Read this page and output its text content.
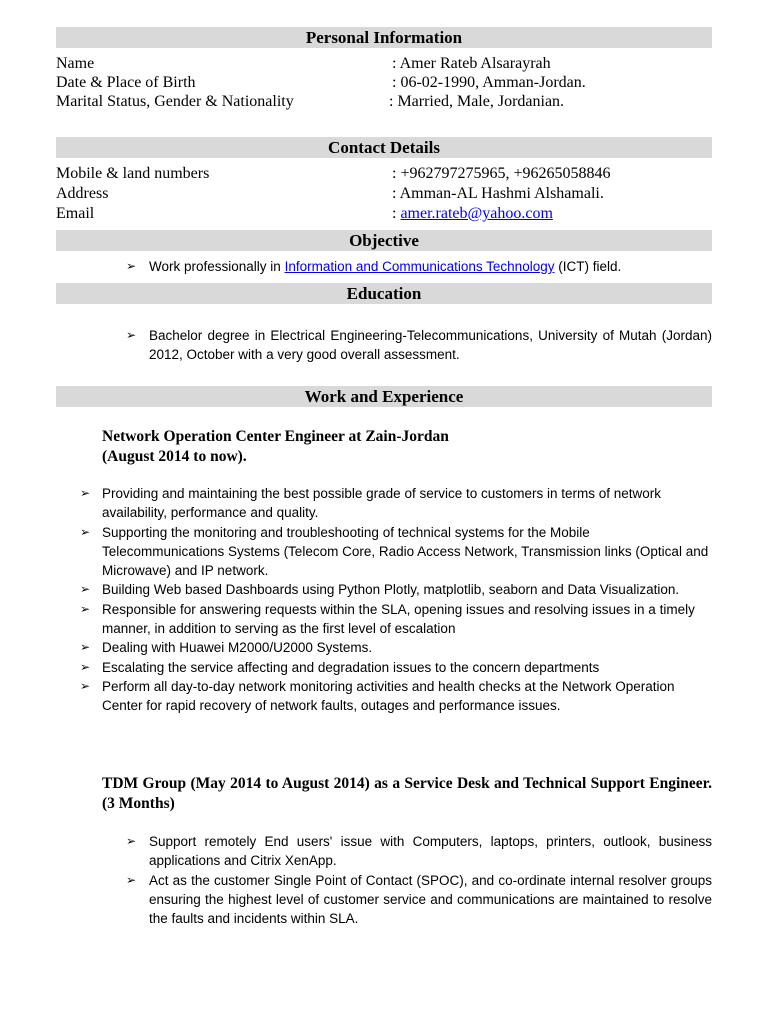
Personal Information
Name	: Amer Rateb Alsarayrah
Date & Place of Birth	: 06-02-1990, Amman-Jordan.
Marital Status, Gender & Nationality	: Married, Male, Jordanian.
Contact Details
Mobile & land numbers	: +962797275965, +96265058846
Address	: Amman-AL Hashmi Alshamali.
Email	: amer.rateb@yahoo.com
Objective
➢ Work professionally in Information and Communications Technology (ICT) field.
Education
➢ Bachelor degree in Electrical Engineering-Telecommunications, University of Mutah (Jordan) 2012, October with a very good overall assessment.
Work and Experience
Network Operation Center Engineer at Zain-Jordan
(August 2014 to now).
➢ Providing and maintaining the best possible grade of service to customers in terms of network availability, performance and quality.
➢ Supporting the monitoring and troubleshooting of technical systems for the Mobile Telecommunications Systems (Telecom Core, Radio Access Network, Transmission links (Optical and Microwave) and IP network.
➢ Building Web based Dashboards using Python Plotly, matplotlib, seaborn and Data Visualization.
➢ Responsible for answering requests within the SLA, opening issues and resolving issues in a timely manner, in addition to serving as the first level of escalation
➢ Dealing with Huawei M2000/U2000 Systems.
➢ Escalating the service affecting and degradation issues to the concern departments
➢ Perform all day-to-day network monitoring activities and health checks at the Network Operation Center for rapid recovery of network faults, outages and performance issues.
TDM Group (May 2014 to August 2014) as a Service Desk and Technical Support Engineer. (3 Months)
➢ Support remotely End users' issue with Computers, laptops, printers, outlook, business applications and Citrix XenApp.
➢ Act as the customer Single Point of Contact (SPOC), and co-ordinate internal resolver groups ensuring the highest level of customer service and communications are maintained to resolve the faults and incidents within SLA.
